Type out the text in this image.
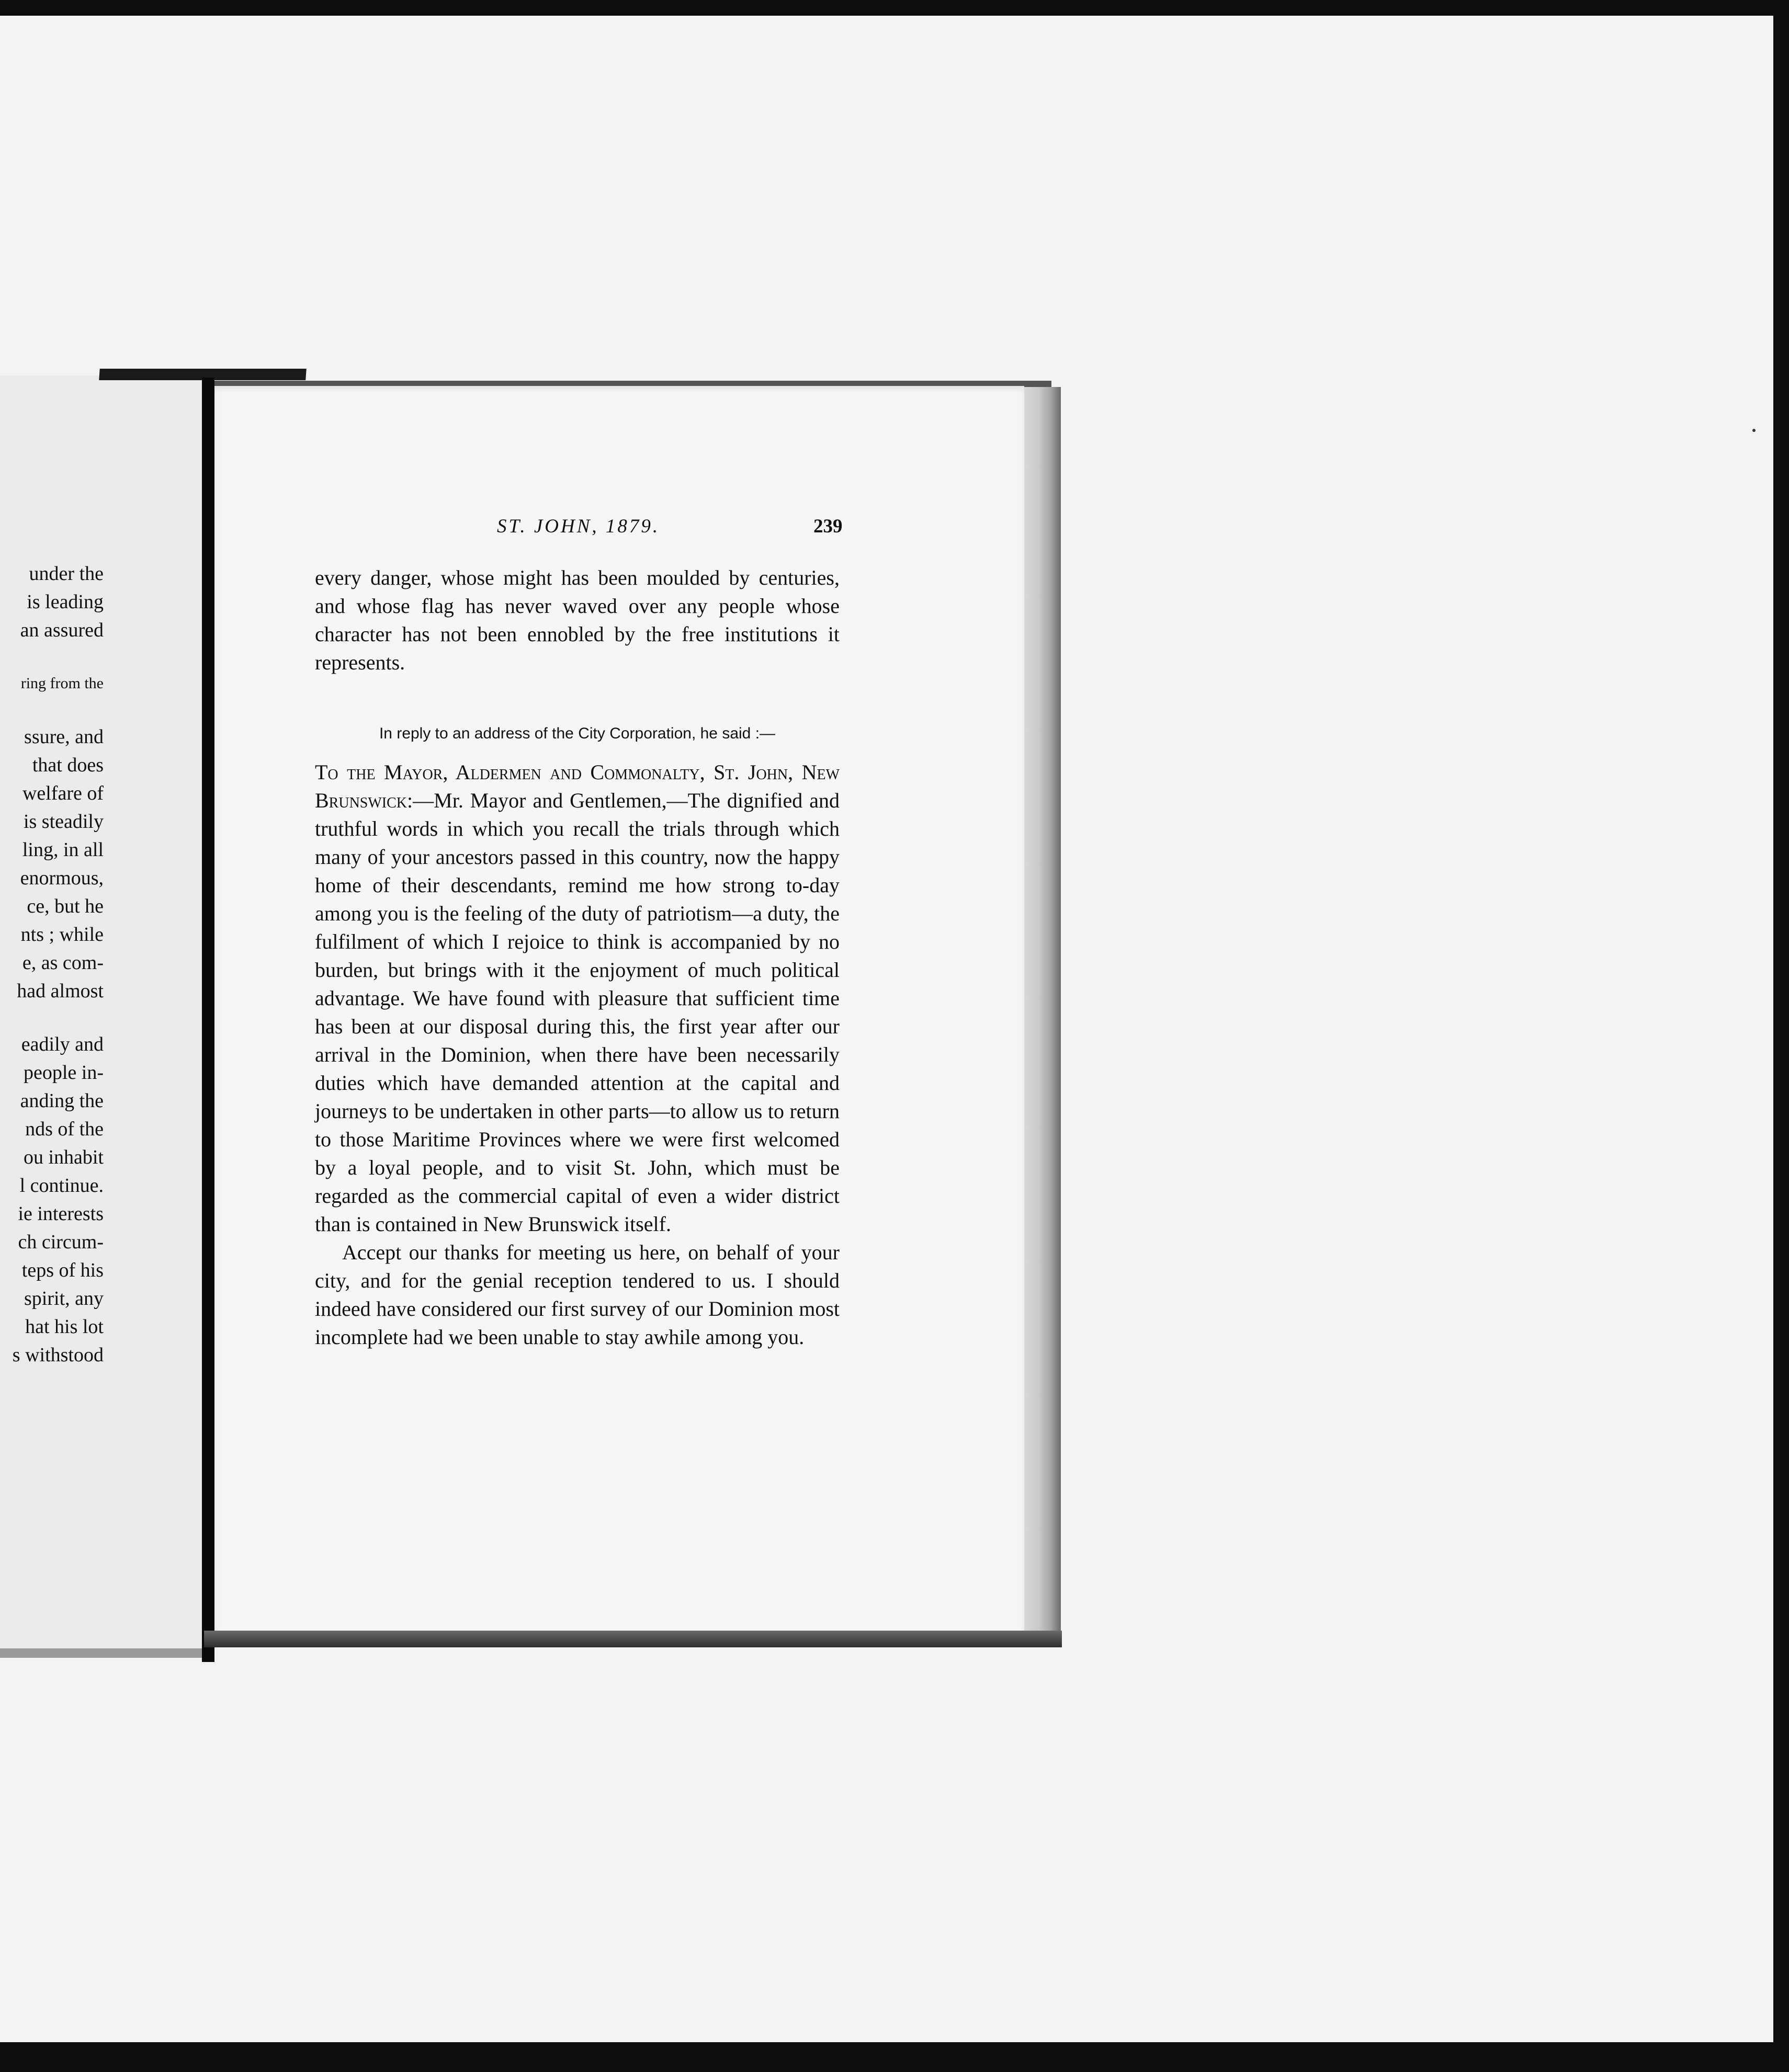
under the
is leading
an assured
ring from the
ssure, and
that does
welfare of
is steadily
ling, in all
enormous,
ce, but he
nts ; while
e, as com-
had almost
eadily and
people in-
anding the
nds of the
ou inhabit
l continue.
ie interests
ch circum-
teps of his
spirit, any
hat his lot
s withstood
ST. JOHN, 1879.	239

every danger, whose might has been moulded by centuries, and whose flag has never waved over any people whose character has not been ennobled by the free institutions it represents.

In reply to an address of the City Corporation, he said :—

To the Mayor, Aldermen and Commonalty, St. John, New Brunswick:—Mr. Mayor and Gentlemen,—The dignified and truthful words in which you recall the trials through which many of your ancestors passed in this country, now the happy home of their descendants, remind me how strong to-day among you is the feeling of the duty of patriotism—a duty, the fulfilment of which I rejoice to think is accompanied by no burden, but brings with it the enjoyment of much political advantage. We have found with pleasure that sufficient time has been at our disposal during this, the first year after our arrival in the Dominion, when there have been necessarily duties which have demanded attention at the capital and journeys to be undertaken in other parts—to allow us to return to those Maritime Provinces where we were first welcomed by a loyal people, and to visit St. John, which must be regarded as the commercial capital of even a wider district than is contained in New Brunswick itself.

Accept our thanks for meeting us here, on behalf of your city, and for the genial reception tendered to us. I should indeed have considered our first survey of our Dominion most incomplete had we been unable to stay awhile among you.
